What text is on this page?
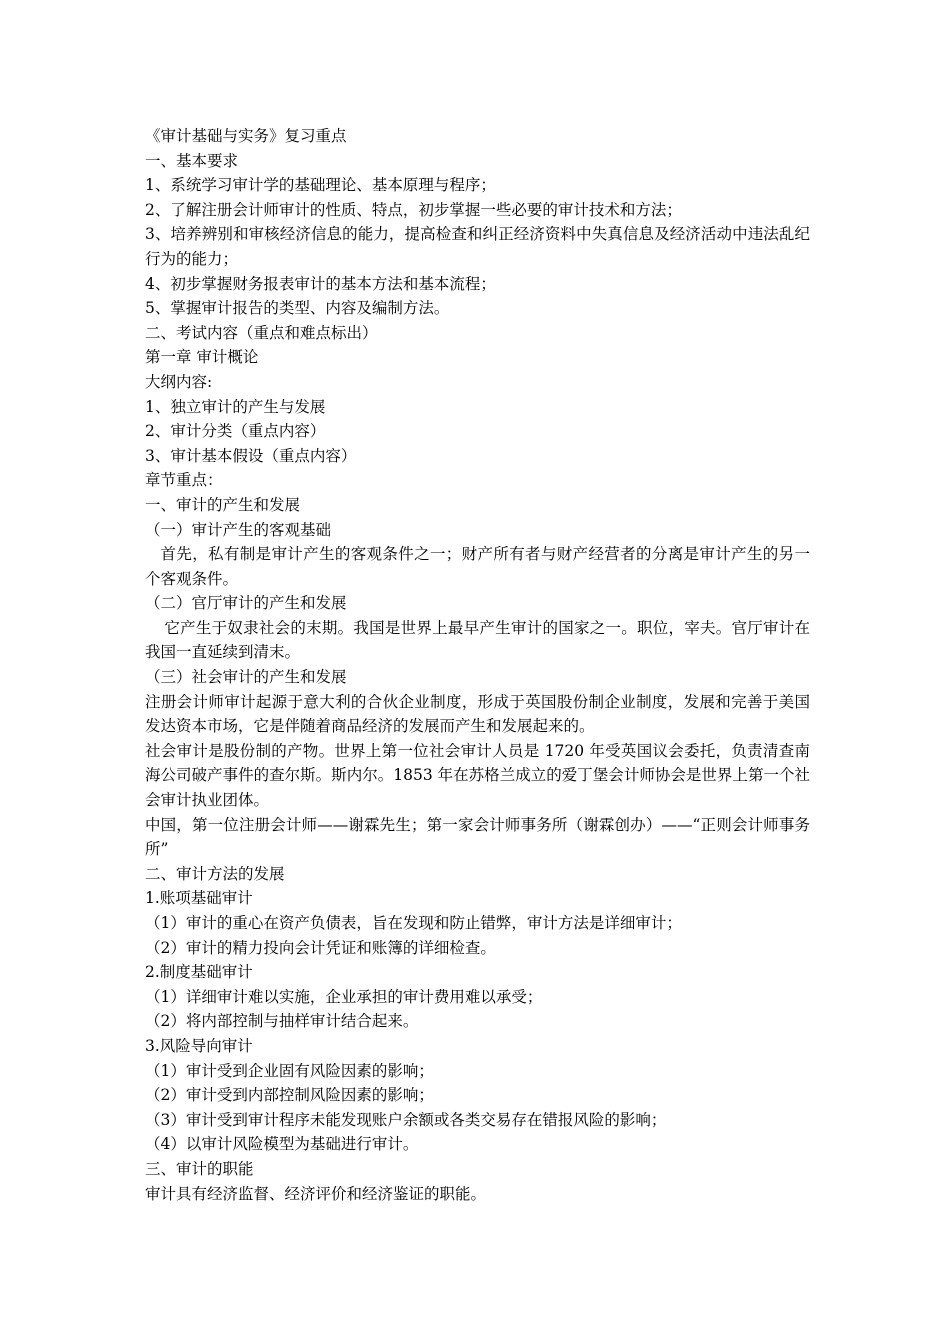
《审计基础与实务》复习重点
一、基本要求
1、系统学习审计学的基础理论、基本原理与程序；
2、了解注册会计师审计的性质、特点，初步掌握一些必要的审计技术和方法；
3、培养辨别和审核经济信息的能力，提高检查和纠正经济资料中失真信息及经济活动中违法乱纪行为的能力；
4、初步掌握财务报表审计的基本方法和基本流程；
5、掌握审计报告的类型、内容及编制方法。
二、考试内容（重点和难点标出）
第一章 审计概论
大纲内容:
1、独立审计的产生与发展
2、审计分类（重点内容）
3、审计基本假设（重点内容）
章节重点：
一、审计的产生和发展
（一）审计产生的客观基础
首先，私有制是审计产生的客观条件之一；财产所有者与财产经营者的分离是审计产生的另一个客观条件。
（二）官厅审计的产生和发展
它产生于奴隶社会的末期。我国是世界上最早产生审计的国家之一。职位，宰夫。官厅审计在我国一直延续到清末。
（三）社会审计的产生和发展
注册会计师审计起源于意大利的合伙企业制度，形成于英国股份制企业制度，发展和完善于美国发达资本市场，它是伴随着商品经济的发展而产生和发展起来的。
社会审计是股份制的产物。世界上第一位社会审计人员是 1720 年受英国议会委托，负责清查南海公司破产事件的查尔斯。斯内尔。1853 年在苏格兰成立的爱丁堡会计师协会是世界上第一个社会审计执业团体。
中国，第一位注册会计师——谢霖先生；第一家会计师事务所（谢霖创办）——“正则会计师事务所”
二、审计方法的发展
1.账项基础审计
（1）审计的重心在资产负债表，旨在发现和防止错弊，审计方法是详细审计；
（2）审计的精力投向会计凭证和账簿的详细检查。
2.制度基础审计
（1）详细审计难以实施，企业承担的审计费用难以承受；
（2）将内部控制与抽样审计结合起来。
3.风险导向审计
（1）审计受到企业固有风险因素的影响；
（2）审计受到内部控制风险因素的影响；
（3）审计受到审计程序未能发现账户余额或各类交易存在错报风险的影响；
（4）以审计风险模型为基础进行审计。
三、审计的职能
审计具有经济监督、经济评价和经济鉴证的职能。
